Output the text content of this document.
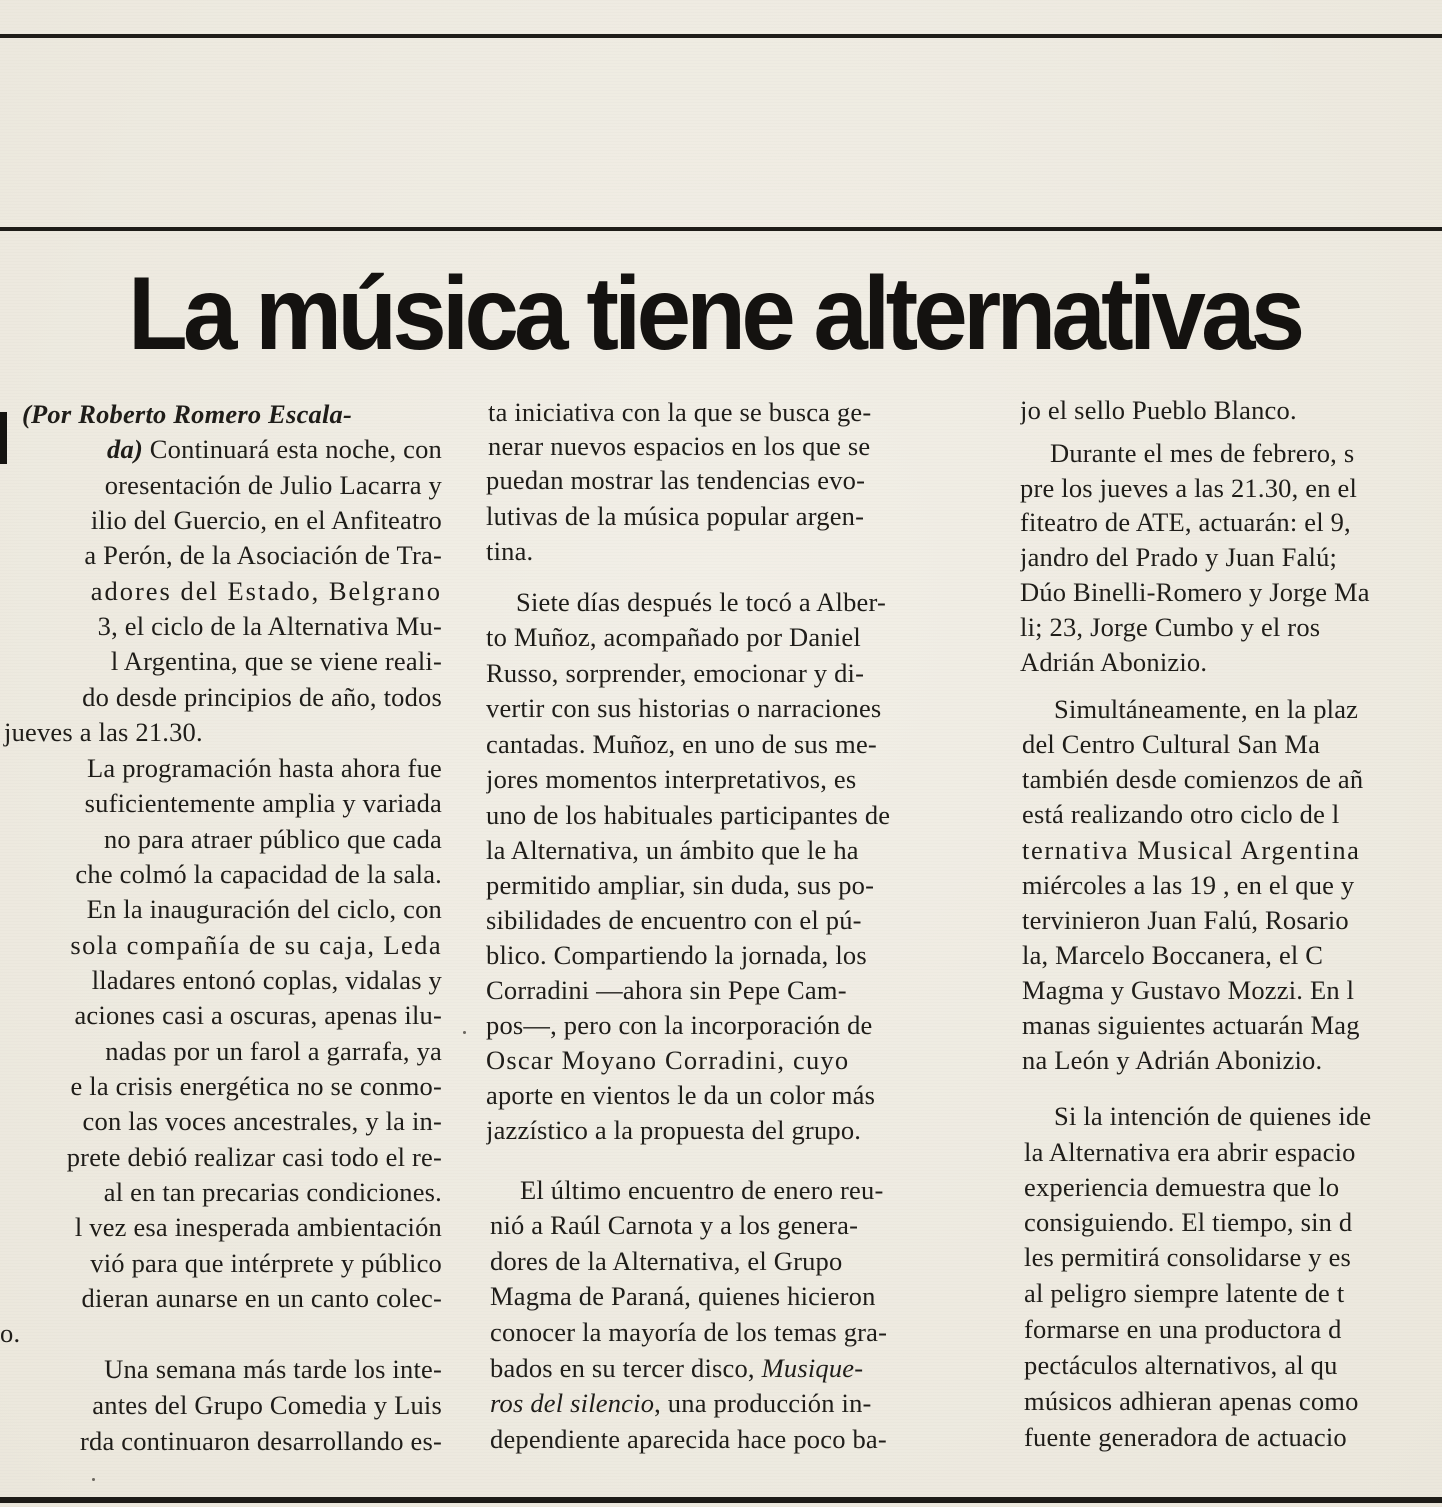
La música tiene alternativas
(Por Roberto Romero Escala-
da) Continuará esta noche, con
oresentación de Julio Lacarra y
ilio del Guercio, en el Anfiteatro
a Perón, de la Asociación de Tra-
adores del Estado, Belgrano
3, el ciclo de la Alternativa Mu-
l Argentina, que se viene reali-
do desde principios de año, todos
jueves a las 21.30.
La programación hasta ahora fue
suficientemente amplia y variada
no para atraer público que cada
che colmó la capacidad de la sala.
En la inauguración del ciclo, con
sola compañía de su caja, Leda
lladares entonó coplas, vidalas y
aciones casi a oscuras, apenas ilu-
nadas por un farol a garrafa, ya
e la crisis energética no se conmo-
con las voces ancestrales, y la in-
prete debió realizar casi todo el re-
al en tan precarias condiciones.
l vez esa inesperada ambientación
vió para que intérprete y público
dieran aunarse en un canto colec-
o.
Una semana más tarde los inte-
antes del Grupo Comedia y Luis
rda continuaron desarrollando es-
ta iniciativa con la que se busca ge-
nerar nuevos espacios en los que se
puedan mostrar las tendencias evo-
lutivas de la música popular argen-
tina.
Siete días después le tocó a Alber-
to Muñoz, acompañado por Daniel
Russo, sorprender, emocionar y di-
vertir con sus historias o narraciones
cantadas. Muñoz, en uno de sus me-
jores momentos interpretativos, es
uno de los habituales participantes de
la Alternativa, un ámbito que le ha
permitido ampliar, sin duda, sus po-
sibilidades de encuentro con el pú-
blico. Compartiendo la jornada, los
Corradini —ahora sin Pepe Cam-
pos—, pero con la incorporación de
Oscar Moyano Corradini, cuyo
aporte en vientos le da un color más
jazzístico a la propuesta del grupo.
El último encuentro de enero reu-
nió a Raúl Carnota y a los genera-
dores de la Alternativa, el Grupo
Magma de Paraná, quienes hicieron
conocer la mayoría de los temas gra-
bados en su tercer disco, Musique-
ros del silencio, una producción in-
dependiente aparecida hace poco ba-
jo el sello Pueblo Blanco.
Durante el mes de febrero, s
pre los jueves a las 21.30, en el
fiteatro de ATE, actuarán: el 9,
jandro del Prado y Juan Falú;
Dúo Binelli-Romero y Jorge Ma
li; 23, Jorge Cumbo y el ros
Adrián Abonizio.
Simultáneamente, en la plaz
del Centro Cultural San Ma
también desde comienzos de añ
está realizando otro ciclo de l
ternativa Musical Argentina
miércoles a las 19 , en el que y
tervinieron Juan Falú, Rosario
la, Marcelo Boccanera, el C
Magma y Gustavo Mozzi. En l
manas siguientes actuarán Mag
na León y Adrián Abonizio.
Si la intención de quienes ide
la Alternativa era abrir espacio
experiencia demuestra que lo
consiguiendo. El tiempo, sin d
les permitirá consolidarse y es
al peligro siempre latente de t
formarse en una productora d
pectáculos alternativos, al qu
músicos adhieran apenas como
fuente generadora de actuacio
